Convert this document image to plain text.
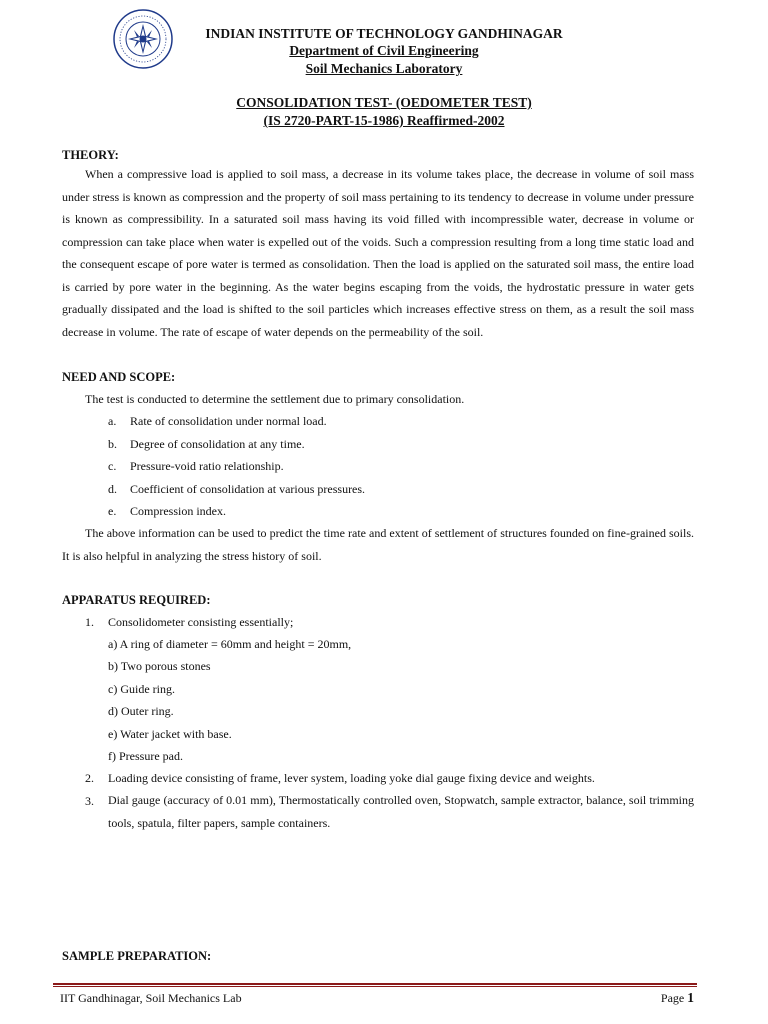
INDIAN INSTITUTE OF TECHNOLOGY GANDHINAGAR
Department of Civil Engineering
Soil Mechanics Laboratory
CONSOLIDATION TEST- (OEDOMETER TEST)
(IS 2720-PART-15-1986) Reaffirmed-2002
THEORY:
When a compressive load is applied to soil mass, a decrease in its volume takes place, the decrease in volume of soil mass under stress is known as compression and the property of soil mass pertaining to its tendency to decrease in volume under pressure is known as compressibility. In a saturated soil mass having its void filled with incompressible water, decrease in volume or compression can take place when water is expelled out of the voids. Such a compression resulting from a long time static load and the consequent escape of pore water is termed as consolidation. Then the load is applied on the saturated soil mass, the entire load is carried by pore water in the beginning. As the water begins escaping from the voids, the hydrostatic pressure in water gets gradually dissipated and the load is shifted to the soil particles which increases effective stress on them, as a result the soil mass decrease in volume. The rate of escape of water depends on the permeability of the soil.
NEED AND SCOPE:
The test is conducted to determine the settlement due to primary consolidation.
a. Rate of consolidation under normal load.
b. Degree of consolidation at any time.
c. Pressure-void ratio relationship.
d. Coefficient of consolidation at various pressures.
e. Compression index.
The above information can be used to predict the time rate and extent of settlement of structures founded on fine-grained soils. It is also helpful in analyzing the stress history of soil.
APPARATUS REQUIRED:
1. Consolidometer consisting essentially;
a) A ring of diameter = 60mm and height = 20mm,
b) Two porous stones
c) Guide ring.
d) Outer ring.
e) Water jacket with base.
f) Pressure pad.
2. Loading device consisting of frame, lever system, loading yoke dial gauge fixing device and weights.
3. Dial gauge (accuracy of 0.01 mm), Thermostatically controlled oven, Stopwatch, sample extractor, balance, soil trimming tools, spatula, filter papers, sample containers.
SAMPLE PREPARATION:
IIT Gandhinagar, Soil Mechanics Lab	Page 1
